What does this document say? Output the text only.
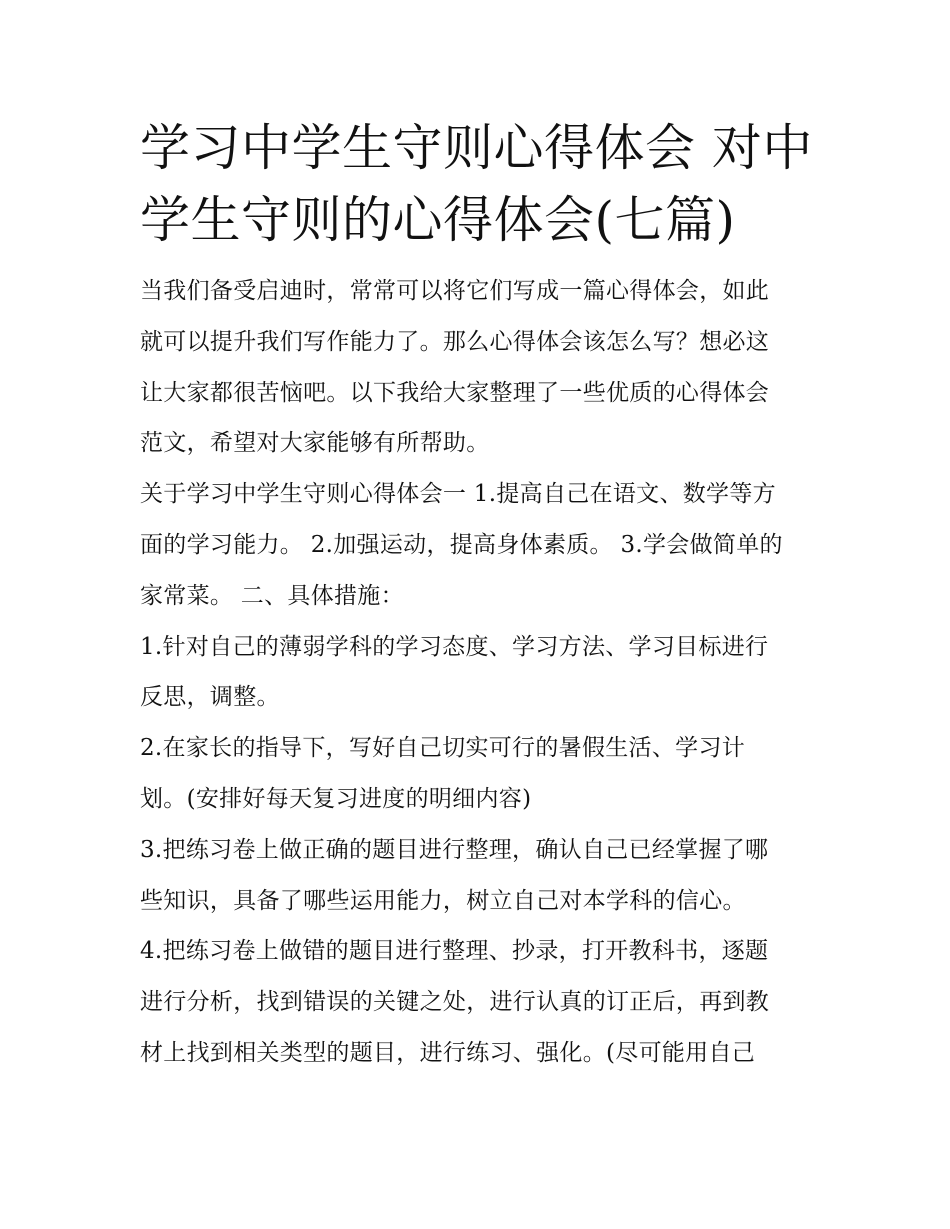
学习中学生守则心得体会 对中
学生守则的心得体会(七篇)
当我们备受启迪时，常常可以将它们写成一篇心得体会，如此
就可以提升我们写作能力了。那么心得体会该怎么写？想必这
让大家都很苦恼吧。以下我给大家整理了一些优质的心得体会
范文，希望对大家能够有所帮助。
关于学习中学生守则心得体会一 1.提高自己在语文、数学等方
面的学习能力。 2.加强运动，提高身体素质。 3.学会做简单的
家常菜。 二、具体措施：
1.针对自己的薄弱学科的学习态度、学习方法、学习目标进行
反思，调整。
2.在家长的指导下，写好自己切实可行的暑假生活、学习计
划。(安排好每天复习进度的明细内容)
3.把练习卷上做正确的题目进行整理，确认自己已经掌握了哪
些知识，具备了哪些运用能力，树立自己对本学科的信心。
4.把练习卷上做错的题目进行整理、抄录，打开教科书，逐题
进行分析，找到错误的关键之处，进行认真的订正后，再到教
材上找到相关类型的题目，进行练习、强化。(尽可能用自己
